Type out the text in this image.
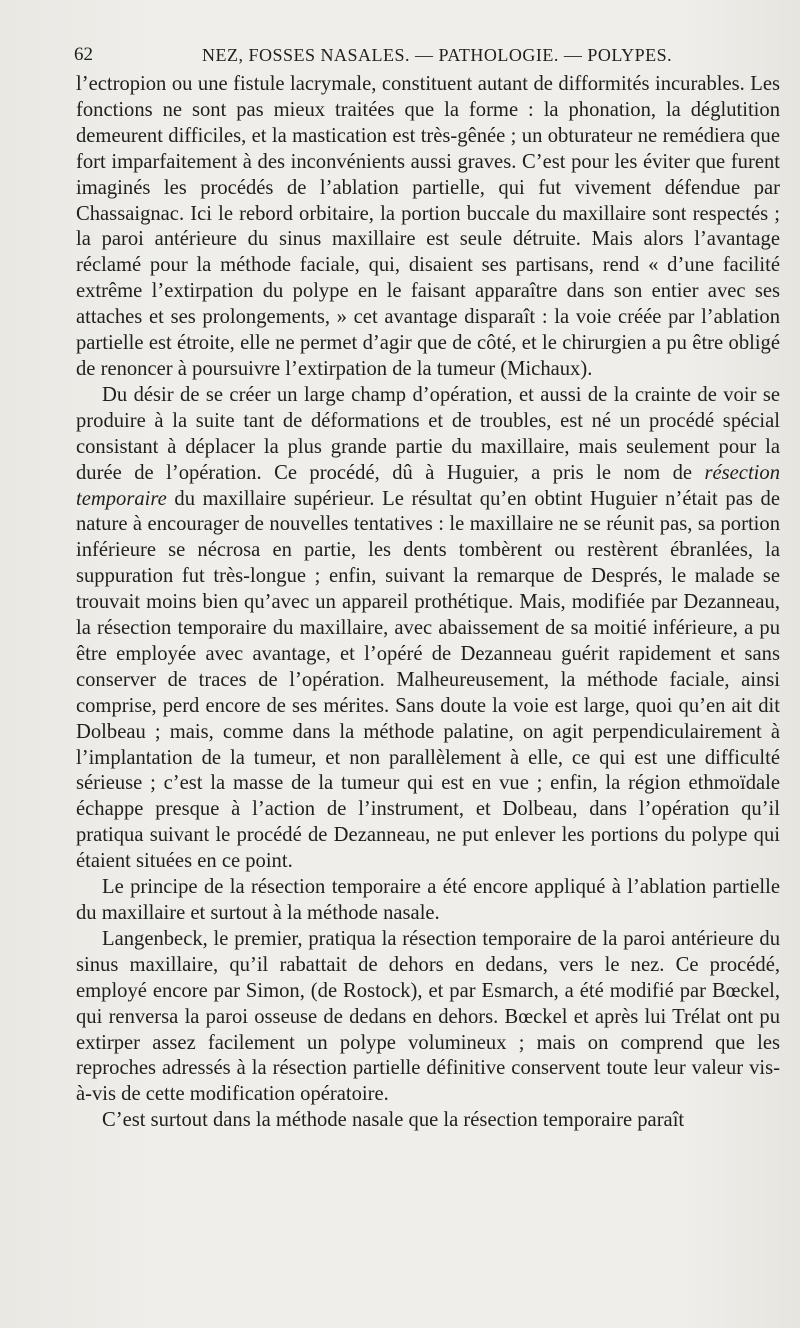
62	NEZ, FOSSES NASALES. — PATHOLOGIE. — POLYPES.

l’ectropion ou une fistule lacrymale, constituent autant de difformités incurables. Les fonctions ne sont pas mieux traitées que la forme : la phonation, la déglutition demeurent difficiles, et la mastication est très-gênée ; un obturateur ne remédiera que fort imparfaitement à des inconvénients aussi graves. C’est pour les éviter que furent imaginés les procédés de l’ablation partielle, qui fut vivement défendue par Chassaignac. Ici le rebord orbitaire, la portion buccale du maxillaire sont respectés ; la paroi antérieure du sinus maxillaire est seule détruite. Mais alors l’avantage réclamé pour la méthode faciale, qui, disaient ses partisans, rend « d’une facilité extrême l’extirpation du polype en le faisant apparaître dans son entier avec ses attaches et ses prolongements, » cet avantage disparaît : la voie créée par l’ablation partielle est étroite, elle ne permet d’agir que de côté, et le chirurgien a pu être obligé de renoncer à poursuivre l’extirpation de la tumeur (Michaux).

Du désir de se créer un large champ d’opération, et aussi de la crainte de voir se produire à la suite tant de déformations et de troubles, est né un procédé spécial consistant à déplacer la plus grande partie du maxillaire, mais seulement pour la durée de l’opération. Ce procédé, dû à Huguier, a pris le nom de résection temporaire du maxillaire supérieur. Le résultat qu’en obtint Huguier n’était pas de nature à encourager de nouvelles tentatives : le maxillaire ne se réunit pas, sa portion inférieure se nécrosa en partie, les dents tombèrent ou restèrent ébranlées, la suppuration fut très-longue ; enfin, suivant la remarque de Després, le malade se trouvait moins bien qu’avec un appareil prothétique. Mais, modifiée par Dezanneau, la résection temporaire du maxillaire, avec abaissement de sa moitié inférieure, a pu être employée avec avantage, et l’opéré de Dezanneau guérit rapidement et sans conserver de traces de l’opération. Malheureusement, la méthode faciale, ainsi comprise, perd encore de ses mérites. Sans doute la voie est large, quoi qu’en ait dit Dolbeau ; mais, comme dans la méthode palatine, on agit perpendiculairement à l’implantation de la tumeur, et non parallèlement à elle, ce qui est une difficulté sérieuse ; c’est la masse de la tumeur qui est en vue ; enfin, la région ethmoïdale échappe presque à l’action de l’instrument, et Dolbeau, dans l’opération qu’il pratiqua suivant le procédé de Dezanneau, ne put enlever les portions du polype qui étaient situées en ce point.

Le principe de la résection temporaire a été encore appliqué à l’ablation partielle du maxillaire et surtout à la méthode nasale.

Langenbeck, le premier, pratiqua la résection temporaire de la paroi antérieure du sinus maxillaire, qu’il rabattait de dehors en dedans, vers le nez. Ce procédé, employé encore par Simon, (de Rostock), et par Esmarch, a été modifié par Bœckel, qui renversa la paroi osseuse de dedans en dehors. Bœckel et après lui Trélat ont pu extirper assez facilement un polype volumineux ; mais on comprend que les reproches adressés à la résection partielle définitive conservent toute leur valeur vis-à-vis de cette modification opératoire.

C’est surtout dans la méthode nasale que la résection temporaire paraît
